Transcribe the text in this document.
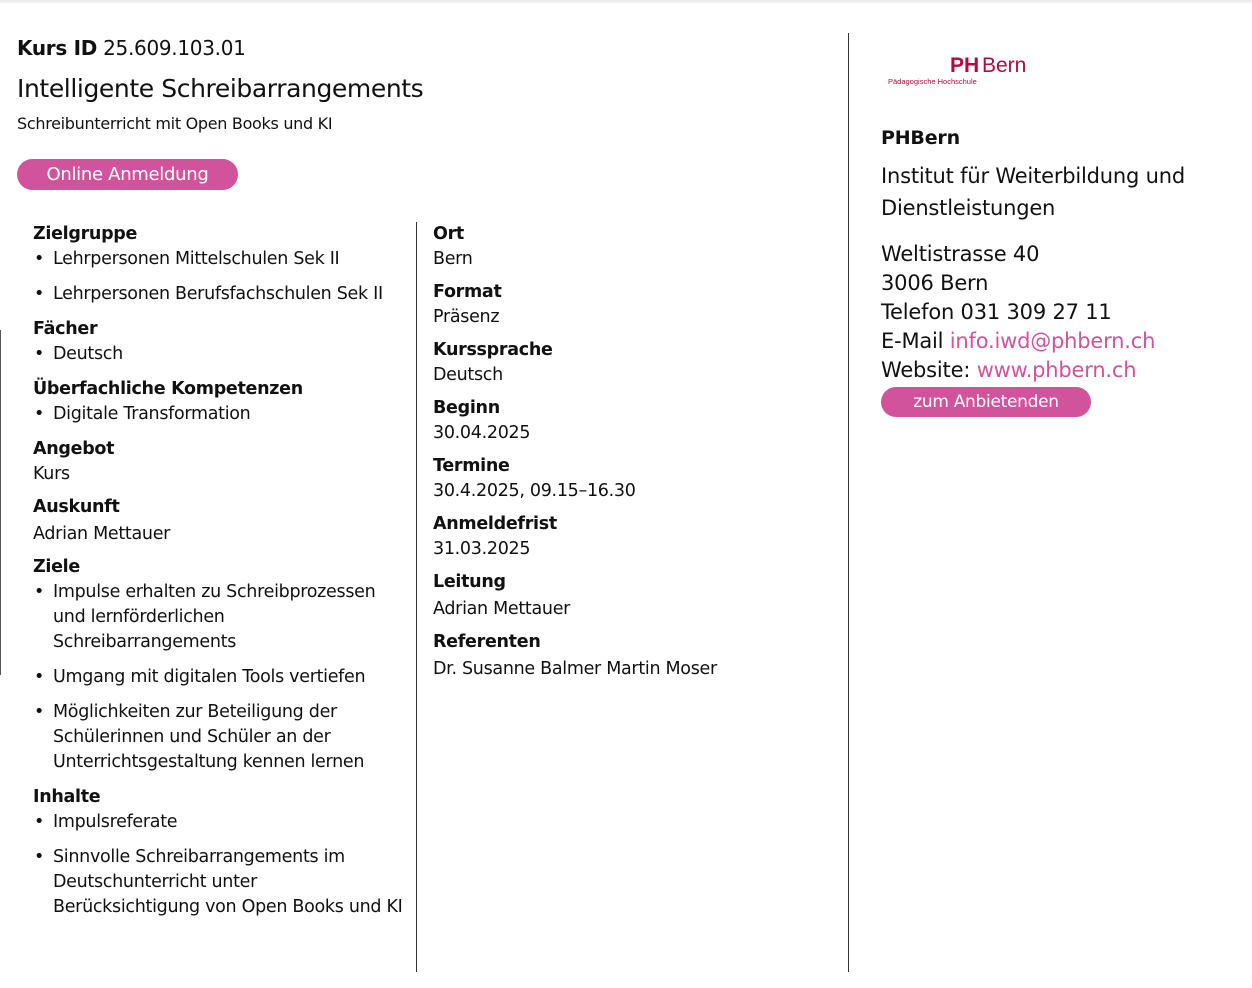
Kurs ID 25.609.103.01
Intelligente Schreibarrangements
Schreibunterricht mit Open Books und KI
Online Anmeldung

Zielgruppe

• Lehrpersonen Mittelschulen Sek II
• Lehrpersonen Berufsfachschulen Sek II

Fächer

• Deutsch

Überfachliche Kompetenzen

• Digitale Transformation

Angebot

Kurs

Auskunft

Adrian Mettauer

Ziele

• Impulse erhalten zu Schreibprozessen und lernförderlichen Schreibarrangements
• Umgang mit digitalen Tools vertiefen
• Möglichkeiten zur Beteiligung der Schülerinnen und Schüler an der Unterrichtsgestaltung kennen lernen

Inhalte

• Impulsreferate
• Sinnvolle Schreibarrangements im Deutschunterricht unter Berücksichtigung von Open Books und KI

Ort

Bern

Format

Präsenz

Kurssprache

Deutsch

Beginn

30.04.2025

Termine

30.4.2025, 09.15–16.30

Anmeldefrist

31.03.2025

Leitung

Adrian Mettauer

Referenten

Dr. Susanne Balmer Martin Moser

PH Bern
Pädagogische Hochschule

PHBern

Institut für Weiterbildung und Dienstleistungen

Weltistrasse 40

3006 Bern

Telefon 031 309 27 11

E-Mail info.iwd@phbern.ch

Website: www.phbern.ch

zum Anbietenden
